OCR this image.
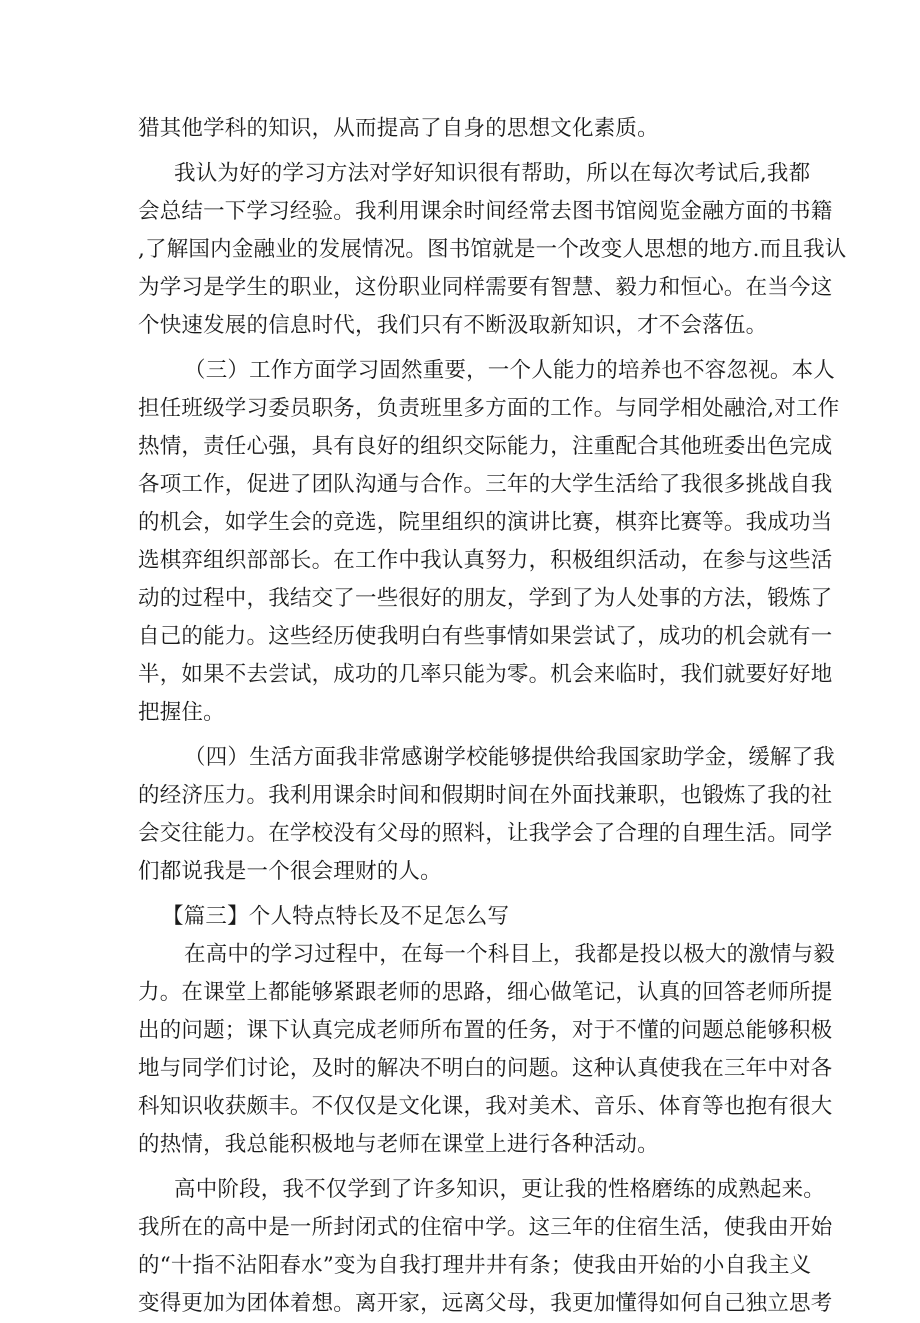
猎其他学科的知识，从而提高了自身的思想文化素质。
我认为好的学习方法对学好知识很有帮助，所以在每次考试后,我都
会总结一下学习经验。我利用课余时间经常去图书馆阅览金融方面的书籍
,了解国内金融业的发展情况。图书馆就是一个改变人思想的地方.而且我认
为学习是学生的职业，这份职业同样需要有智慧、毅力和恒心。在当今这
个快速发展的信息时代，我们只有不断汲取新知识，才不会落伍。
（三）工作方面学习固然重要，一个人能力的培养也不容忽视。本人
担任班级学习委员职务，负责班里多方面的工作。与同学相处融洽,对工作
热情，责任心强，具有良好的组织交际能力，注重配合其他班委出色完成
各项工作，促进了团队沟通与合作。三年的大学生活给了我很多挑战自我
的机会，如学生会的竞选，院里组织的演讲比赛，棋弈比赛等。我成功当
选棋弈组织部部长。在工作中我认真努力，积极组织活动，在参与这些活
动的过程中，我结交了一些很好的朋友，学到了为人处事的方法，锻炼了
自己的能力。这些经历使我明白有些事情如果尝试了，成功的机会就有一
半，如果不去尝试，成功的几率只能为零。机会来临时，我们就要好好地
把握住。
（四）生活方面我非常感谢学校能够提供给我国家助学金，缓解了我
的经济压力。我利用课余时间和假期时间在外面找兼职，也锻炼了我的社
会交往能力。在学校没有父母的照料，让我学会了合理的自理生活。同学
们都说我是一个很会理财的人。
【篇三】个人特点特长及不足怎么写
在高中的学习过程中，在每一个科目上，我都是投以极大的激情与毅
力。在课堂上都能够紧跟老师的思路，细心做笔记，认真的回答老师所提
出的问题；课下认真完成老师所布置的任务，对于不懂的问题总能够积极
地与同学们讨论，及时的解决不明白的问题。这种认真使我在三年中对各
科知识收获颇丰。不仅仅是文化课，我对美术、音乐、体育等也抱有很大
的热情，我总能积极地与老师在课堂上进行各种活动。
高中阶段，我不仅学到了许多知识，更让我的性格磨练的成熟起来。
我所在的高中是一所封闭式的住宿中学。这三年的住宿生活，使我由开始
的“十指不沾阳春水”变为自我打理井井有条；使我由开始的小自我主义
变得更加为团体着想。离开家，远离父母，我更加懂得如何自己独立思考
